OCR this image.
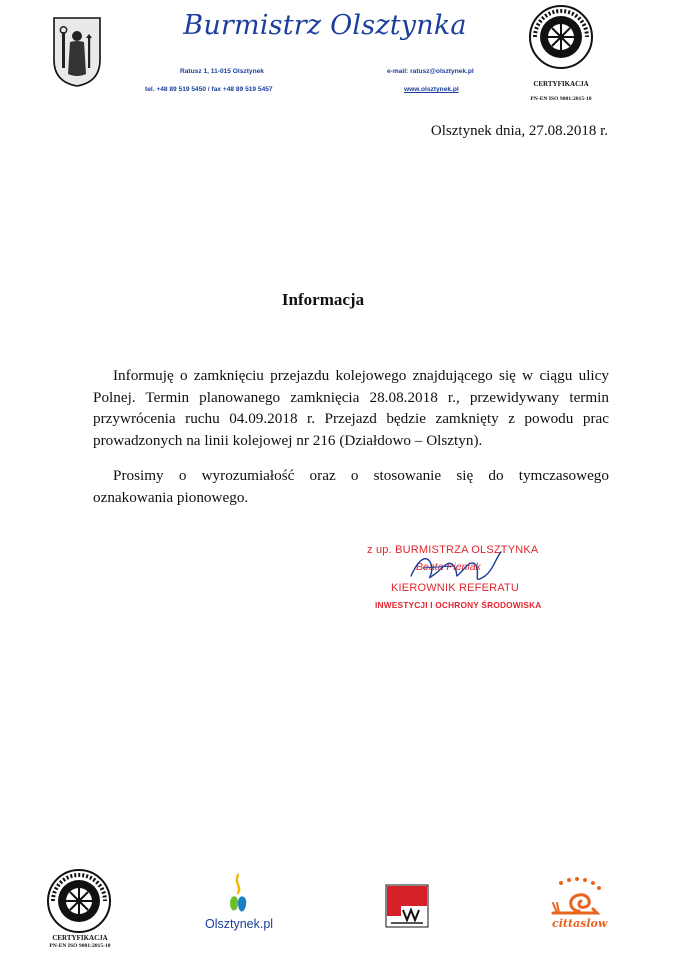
Burmistrz Olsztynka
Ratusz 1, 11-015 Olsztynek
tel. +48 89 519 5450 / fax +48 89 519 5457
e-mail: ratusz@olsztynek.pl
www.olsztynek.pl
CERTYFIKACJA
PN-EN ISO 9001:2015-10
Olsztynek dnia, 27.08.2018 r.
Informacja
Informuję o zamknięciu przejazdu kolejowego znajdującego się w ciągu ulicy
Polnej. Termin planowanego zamknięcia 28.08.2018 r., przewidywany termin
przywrócenia ruchu 04.09.2018 r. Przejazd będzie zamknięty z powodu prac
prowadzonych na linii kolejowej nr 216 (Działdowo – Olsztyn).
Prosimy o wyrozumiałość oraz o stosowanie się do tymczasowego
oznakowania pionowego.
z up. BURMISTRZA OLSZTYNKA
Beata Pieniak
KIEROWNIK REFERATU
INWESTYCJI I OCHRONY ŚRODOWISKA
CERTYFIKACJA
PN-EN ISO 9001:2015-10
Olsztynek.pl	cittaslow
